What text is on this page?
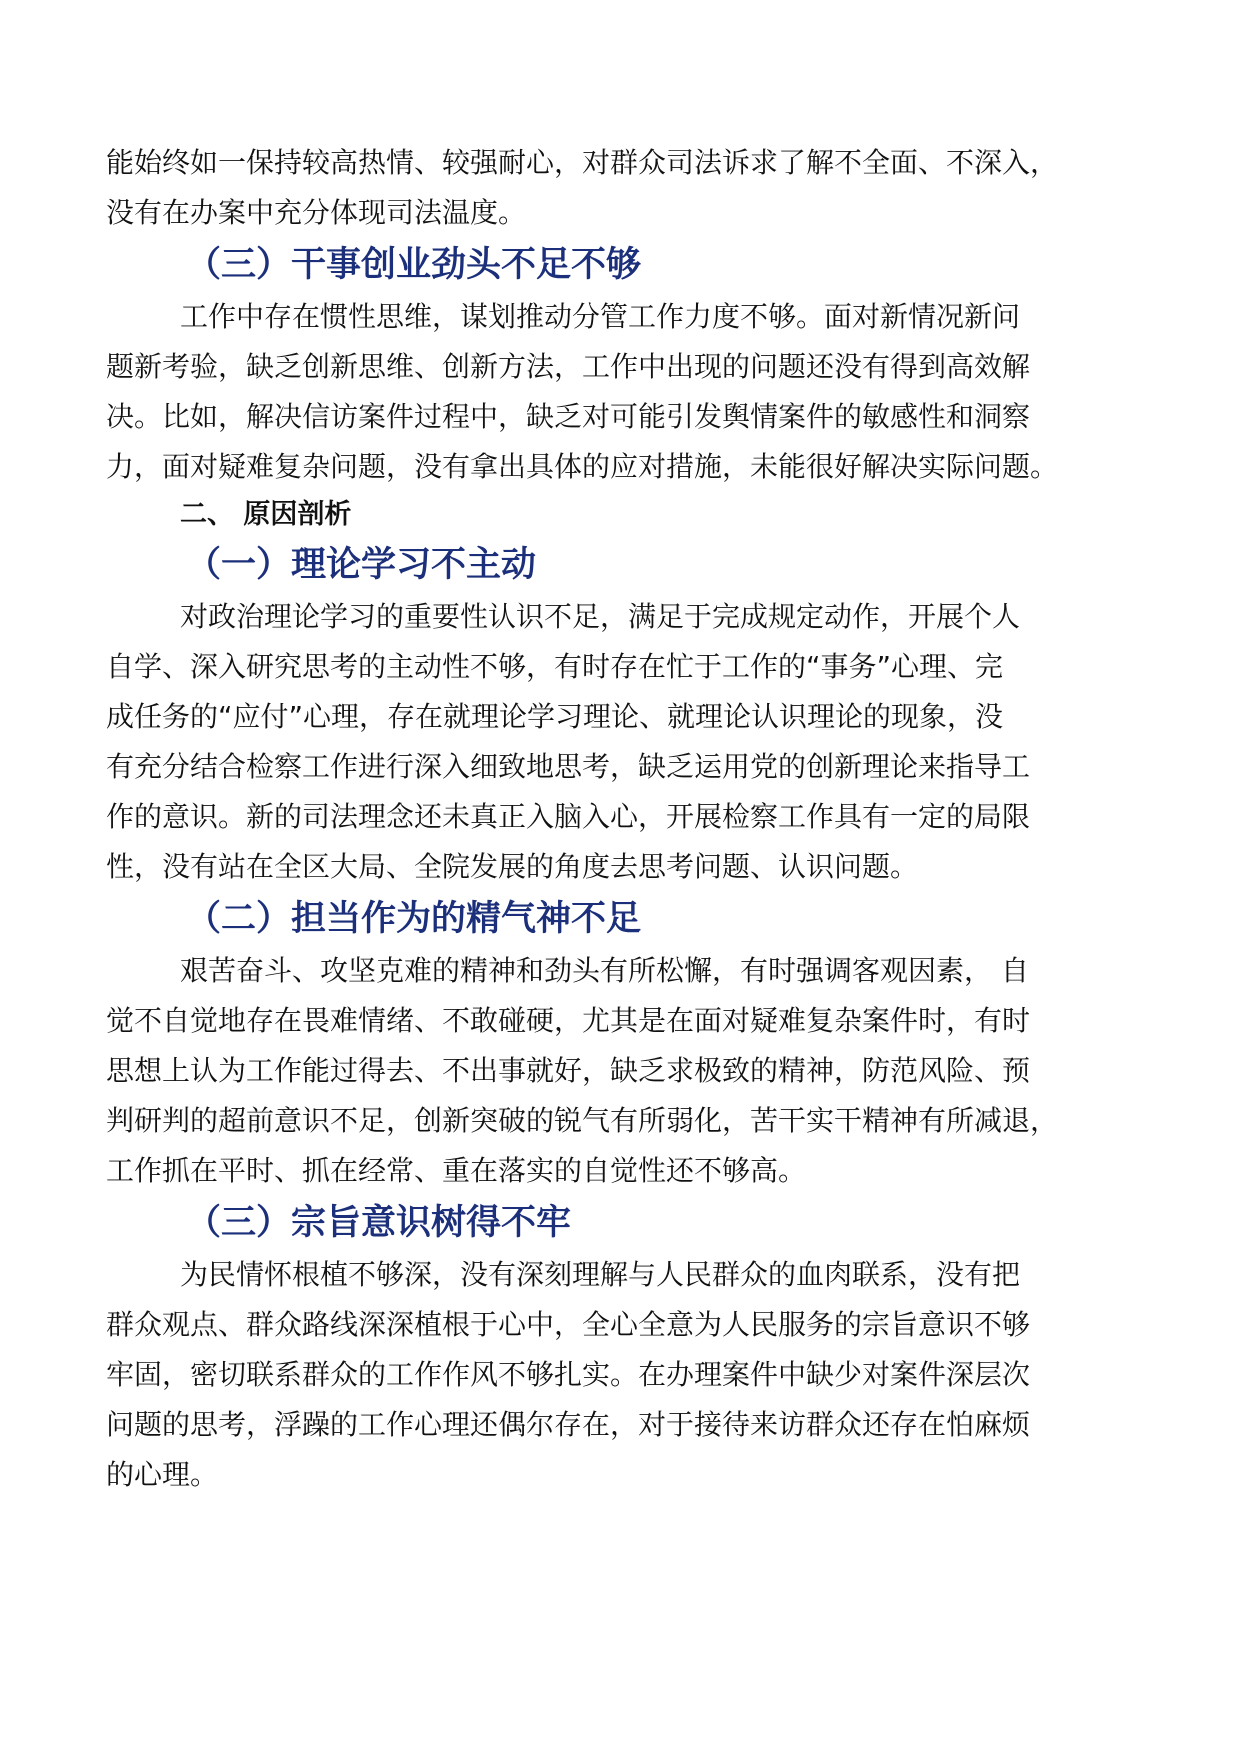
能始终如一保持较高热情、较强耐心，对群众司法诉求了解不全面、不深入，
没有在办案中充分体现司法温度。
（三）干事创业劲头不足不够
工作中存在惯性思维，谋划推动分管工作力度不够。面对新情况新问
题新考验，缺乏创新思维、创新方法，工作中出现的问题还没有得到高效解
决。比如，解决信访案件过程中，缺乏对可能引发舆情案件的敏感性和洞察
力，面对疑难复杂问题，没有拿出具体的应对措施，未能很好解决实际问题。
二、 原因剖析
（一）理论学习不主动
对政治理论学习的重要性认识不足，满足于完成规定动作，开展个人
自学、深入研究思考的主动性不够，有时存在忙于工作的“事务”心理、完
成任务的“应付”心理，存在就理论学习理论、就理论认识理论的现象，没
有充分结合检察工作进行深入细致地思考，缺乏运用党的创新理论来指导工
作的意识。新的司法理念还未真正入脑入心，开展检察工作具有一定的局限
性，没有站在全区大局、全院发展的角度去思考问题、认识问题。
（二）担当作为的精气神不足
艰苦奋斗、攻坚克难的精神和劲头有所松懈，有时强调客观因素， 自
觉不自觉地存在畏难情绪、不敢碰硬，尤其是在面对疑难复杂案件时，有时
思想上认为工作能过得去、不出事就好，缺乏求极致的精神，防范风险、预
判研判的超前意识不足，创新突破的锐气有所弱化，苦干实干精神有所减退，
工作抓在平时、抓在经常、重在落实的自觉性还不够高。
（三）宗旨意识树得不牢
为民情怀根植不够深，没有深刻理解与人民群众的血肉联系，没有把
群众观点、群众路线深深植根于心中，全心全意为人民服务的宗旨意识不够
牢固，密切联系群众的工作作风不够扎实。在办理案件中缺少对案件深层次
问题的思考，浮躁的工作心理还偶尔存在，对于接待来访群众还存在怕麻烦
的心理。
